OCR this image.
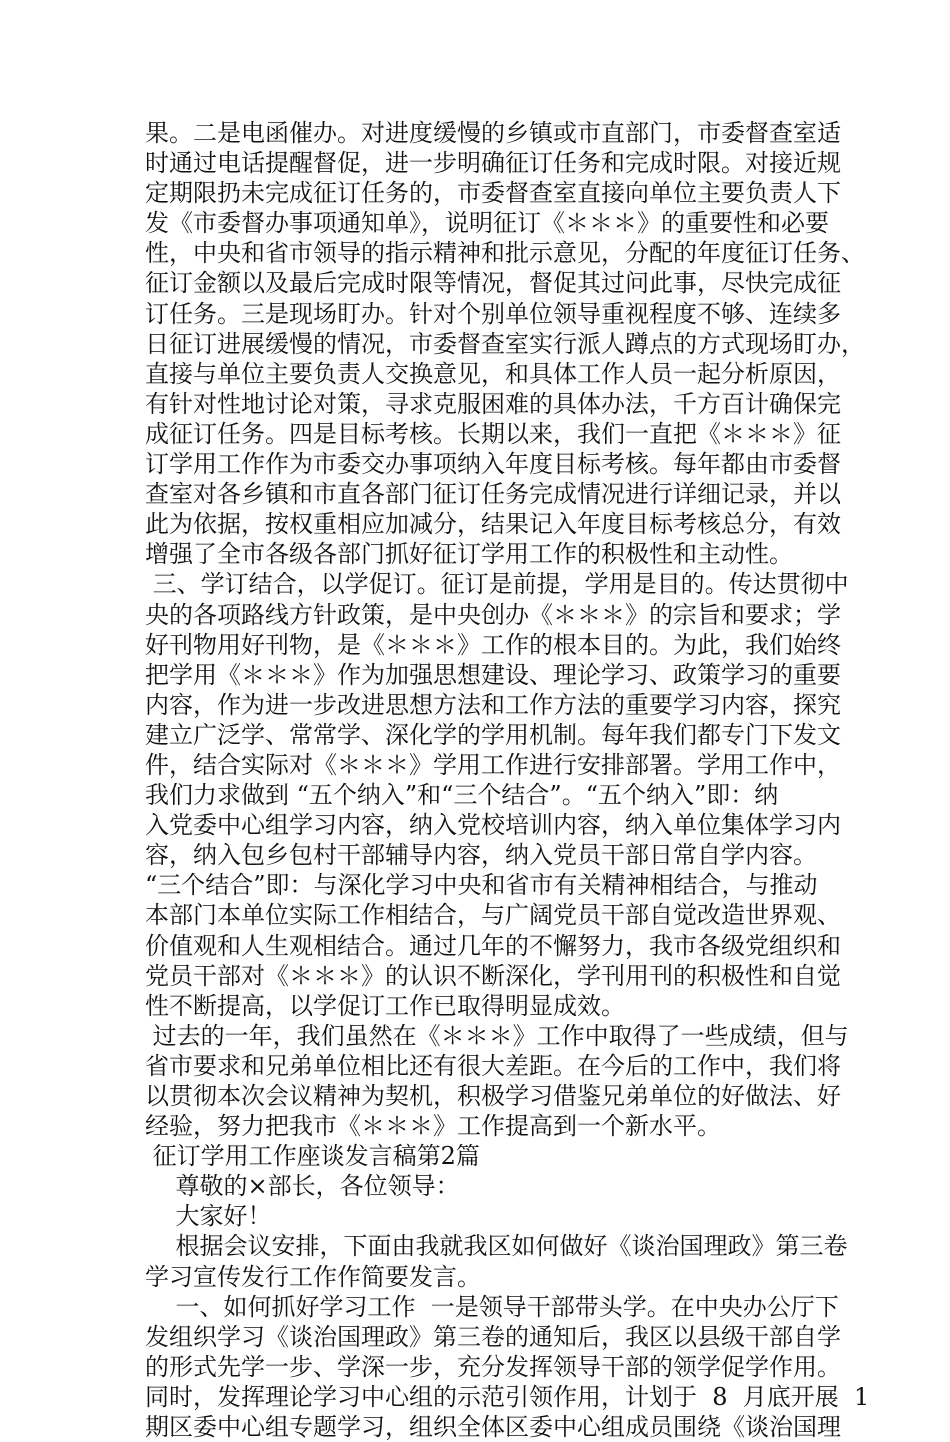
果。二是电函催办。对进度缓慢的乡镇或市直部门，市委督查室适
时通过电话提醒督促，进一步明确征订任务和完成时限。对接近规
定期限扔未完成征订任务的，市委督查室直接向单位主要负责人下
发《市委督办事项通知单》，说明征订《＊＊＊》的重要性和必要
性，中央和省市领导的指示精神和批示意见，分配的年度征订任务、
征订金额以及最后完成时限等情况，督促其过问此事，尽快完成征
订任务。三是现场盯办。针对个别单位领导重视程度不够、连续多
日征订进展缓慢的情况，市委督查室实行派人蹲点的方式现场盯办，
直接与单位主要负责人交换意见，和具体工作人员一起分析原因，
有针对性地讨论对策，寻求克服困难的具体办法，千方百计确保完
成征订任务。四是目标考核。长期以来，我们一直把《＊＊＊》征
订学用工作作为市委交办事项纳入年度目标考核。每年都由市委督
查室对各乡镇和市直各部门征订任务完成情况进行详细记录，并以
此为依据，按权重相应加减分，结果记入年度目标考核总分，有效
增强了全市各级各部门抓好征订学用工作的积极性和主动性。
三、学订结合，以学促订。征订是前提，学用是目的。传达贯彻中
央的各项路线方针政策，是中央创办《＊＊＊》的宗旨和要求；学
好刊物用好刊物，是《＊＊＊》工作的根本目的。为此，我们始终
把学用《＊＊＊》作为加强思想建设、理论学习、政策学习的重要
内容，作为进一步改进思想方法和工作方法的重要学习内容，探究
建立广泛学、常常学、深化学的学用机制。每年我们都专门下发文
件，结合实际对《＊＊＊》学用工作进行安排部署。学用工作中，
我们力求做到 “五个纳入”和“三个结合”。“五个纳入”即：纳
入党委中心组学习内容，纳入党校培训内容，纳入单位集体学习内
容，纳入包乡包村干部辅导内容，纳入党员干部日常自学内容。
“三个结合”即：与深化学习中央和省市有关精神相结合，与推动
本部门本单位实际工作相结合，与广阔党员干部自觉改造世界观、
价值观和人生观相结合。通过几年的不懈努力，我市各级党组织和
党员干部对《＊＊＊》的认识不断深化，学刊用刊的积极性和自觉
性不断提高，以学促订工作已取得明显成效。
过去的一年，我们虽然在《＊＊＊》工作中取得了一些成绩，但与
省市要求和兄弟单位相比还有很大差距。在今后的工作中，我们将
以贯彻本次会议精神为契机，积极学习借鉴兄弟单位的好做法、好
经验，努力把我市《＊＊＊》工作提高到一个新水平。
征订学用工作座谈发言稿第2篇
尊敬的×部长，各位领导：
大家好！
根据会议安排，下面由我就我区如何做好《谈治国理政》第三卷
学习宣传发行工作作简要发言。
一、如何抓好学习工作  一是领导干部带头学。在中央办公厅下
发组织学习《谈治国理政》第三卷的通知后，我区以县级干部自学
的形式先学一步、学深一步，充分发挥领导干部的领学促学作用。
同时，发挥理论学习中心组的示范引领作用，计划于  8  月底开展  1
期区委中心组专题学习，组织全体区委中心组成员围绕《谈治国理
